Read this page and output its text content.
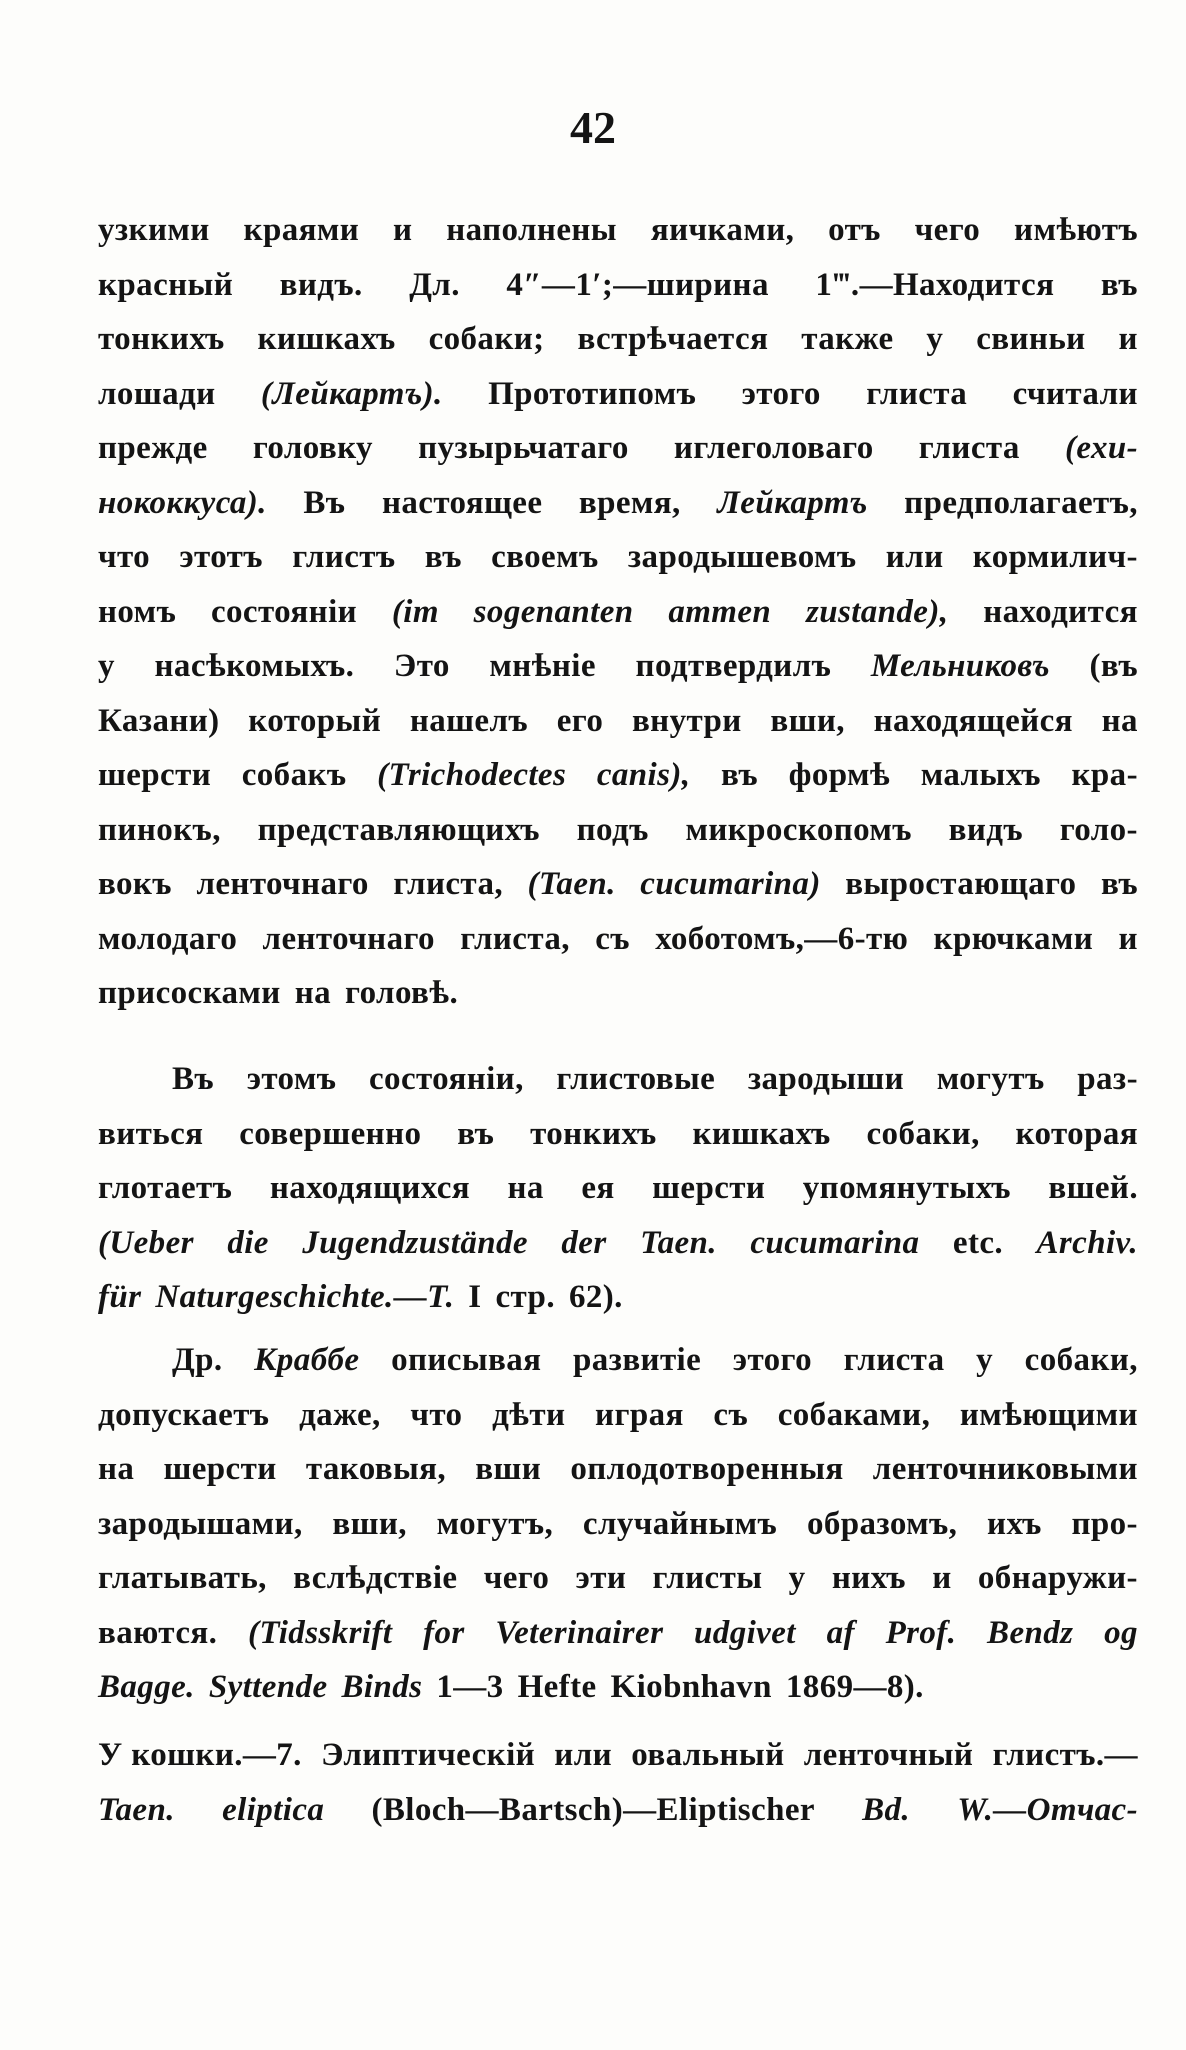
42
узкими краями и наполнены яичками, отъ чего имѣютъ
красный видъ. Дл. 4″—1′;—ширина 1‴.—Находится въ
тонкихъ кишкахъ собаки; встрѣчается также у свиньи и
лошади (Лейкартъ). Прототипомъ этого глиста считали
прежде головку пузырьчатаго иглеголоваго глиста (ехи-
нококкуса). Въ настоящее время, Лейкартъ предполагаетъ,
что этотъ глистъ въ своемъ зародышевомъ или кормилич-
номъ состояніи (im sogenanten ammen zustande), находится
у насѣкомыхъ. Это мнѣніе подтвердилъ Мельниковъ (въ
Казани) который нашелъ его внутри вши, находящейся на
шерсти собакъ (Trichodectes canis), въ формѣ малыхъ кра-
пинокъ, представляющихъ подъ микроскопомъ видъ голо-
вокъ ленточнаго глиста, (Taen. cucumarina) выростающаго въ
молодаго ленточнаго глиста, съ хоботомъ,—6-тю крючками и
присосками на головѣ.
Въ этомъ состояніи, глистовые зародыши могутъ раз-
виться совершенно въ тонкихъ кишкахъ собаки, которая
глотаетъ находящихся на ея шерсти упомянутыхъ вшей.
(Ueber die Jugendzustände der Taen. cucumarina etc. Archiv.
für Naturgeschichte.—Т. I стр. 62).
Др. Краббе описывая развитіе этого глиста у собаки,
допускаетъ даже, что дѣти играя съ собаками, имѣющими
на шерсти таковыя, вши оплодотворенныя ленточниковыми
зародышами, вши, могутъ, случайнымъ образомъ, ихъ про-
глатывать, вслѣдствіе чего эти глисты у нихъ и обнаружи-
ваются. (Tidsskrift for Veterinairer udgivet af Prof. Bendz og
Bagge. Syttende Binds 1—3 Hefte Kiobnhavn 1869—8).
У кошки.—7. Элиптическій или овальный ленточный глистъ.—
Taen. eliptica (Bloch—Bartsch)—Eliptischer Bd. W.—Отчас-
